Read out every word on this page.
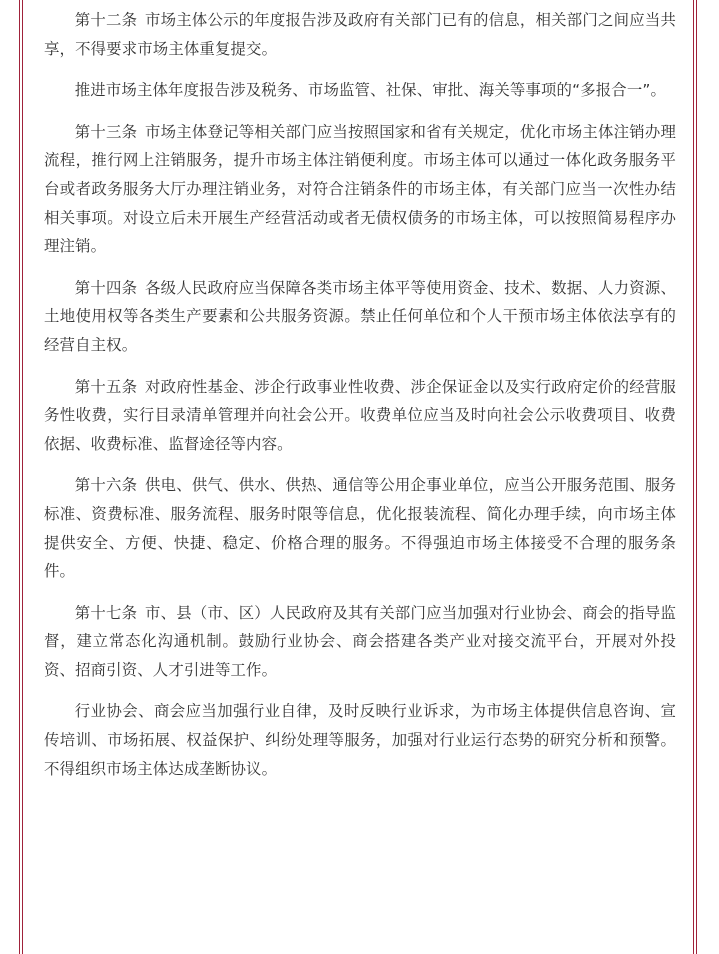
第十二条 市场主体公示的年度报告涉及政府有关部门已有的信息，相关部门之间应当共享，不得要求市场主体重复提交。

推进市场主体年度报告涉及税务、市场监管、社保、审批、海关等事项的“多报合一”。

第十三条 市场主体登记等相关部门应当按照国家和省有关规定，优化市场主体注销办理流程，推行网上注销服务，提升市场主体注销便利度。市场主体可以通过一体化政务服务平台或者政务服务大厅办理注销业务，对符合注销条件的市场主体，有关部门应当一次性办结相关事项。对设立后未开展生产经营活动或者无债权债务的市场主体，可以按照简易程序办理注销。

第十四条 各级人民政府应当保障各类市场主体平等使用资金、技术、数据、人力资源、土地使用权等各类生产要素和公共服务资源。禁止任何单位和个人干预市场主体依法享有的经营自主权。

第十五条 对政府性基金、涉企行政事业性收费、涉企保证金以及实行政府定价的经营服务性收费，实行目录清单管理并向社会公开。收费单位应当及时向社会公示收费项目、收费依据、收费标准、监督途径等内容。

第十六条 供电、供气、供水、供热、通信等公用企事业单位，应当公开服务范围、服务标准、资费标准、服务流程、服务时限等信息，优化报装流程、简化办理手续，向市场主体提供安全、方便、快捷、稳定、价格合理的服务。不得强迫市场主体接受不合理的服务条件。

第十七条 市、县（市、区）人民政府及其有关部门应当加强对行业协会、商会的指导监督，建立常态化沟通机制。鼓励行业协会、商会搭建各类产业对接交流平台，开展对外投资、招商引资、人才引进等工作。

行业协会、商会应当加强行业自律，及时反映行业诉求，为市场主体提供信息咨询、宣传培训、市场拓展、权益保护、纠纷处理等服务，加强对行业运行态势的研究分析和预警。不得组织市场主体达成垄断协议。
